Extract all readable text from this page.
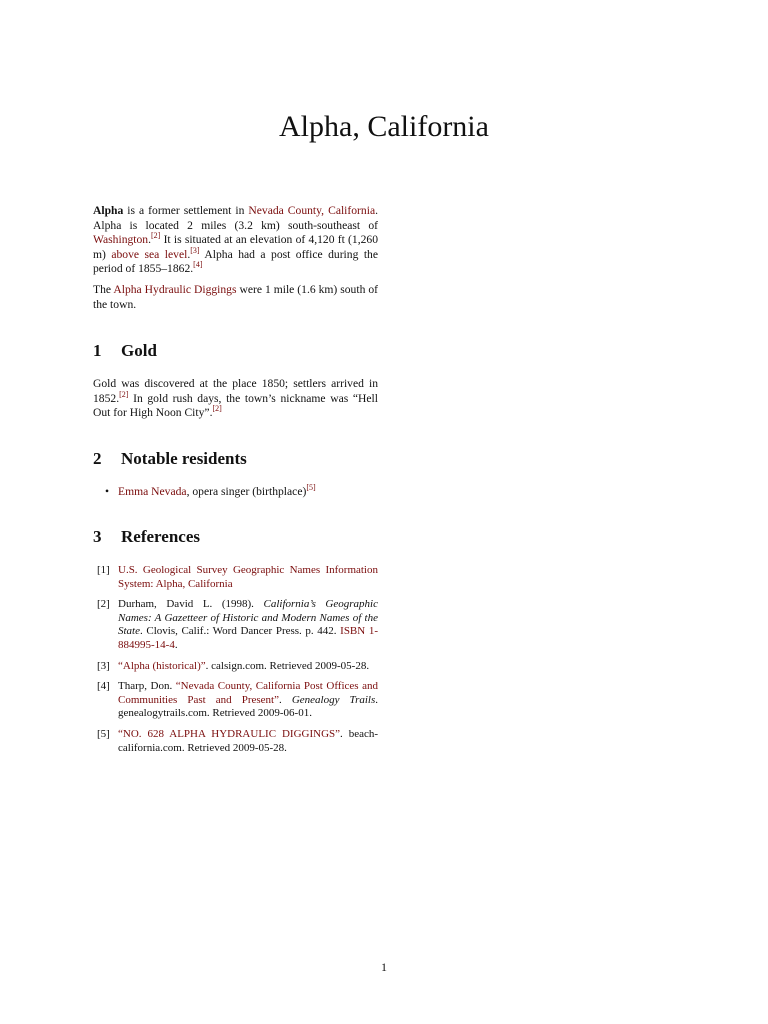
Alpha, California

Alpha is a former settlement in Nevada County, California. Alpha is located 2 miles (3.2 km) south-southeast of Washington.[2] It is situated at an elevation of 4,120 ft (1,260 m) above sea level.[3] Alpha had a post office during the period of 1855–1862.[4]

The Alpha Hydraulic Diggings were 1 mile (1.6 km) south of the town.

1 Gold

Gold was discovered at the place 1850; settlers arrived in 1852.[2] In gold rush days, the town’s nickname was “Hell Out for High Noon City”.[2]

2 Notable residents
• Emma Nevada, opera singer (birthplace)[5]
3 References
[1] U.S. Geological Survey Geographic Names Information System: Alpha, California
[2] Durham, David L. (1998). California’s Geographic Names: A Gazetteer of Historic and Modern Names of the State. Clovis, Calif.: Word Dancer Press. p. 442. ISBN 1-884995-14-4.
[3] “Alpha (historical)”. calsign.com. Retrieved 2009-05-28.
[4] Tharp, Don. “Nevada County, California Post Offices and Communities Past and Present”. Genealogy Trails. genealogytrails.com. Retrieved 2009-06-01.
[5] “NO. 628 ALPHA HYDRAULIC DIGGINGS”. beach-california.com. Retrieved 2009-05-28.
1
